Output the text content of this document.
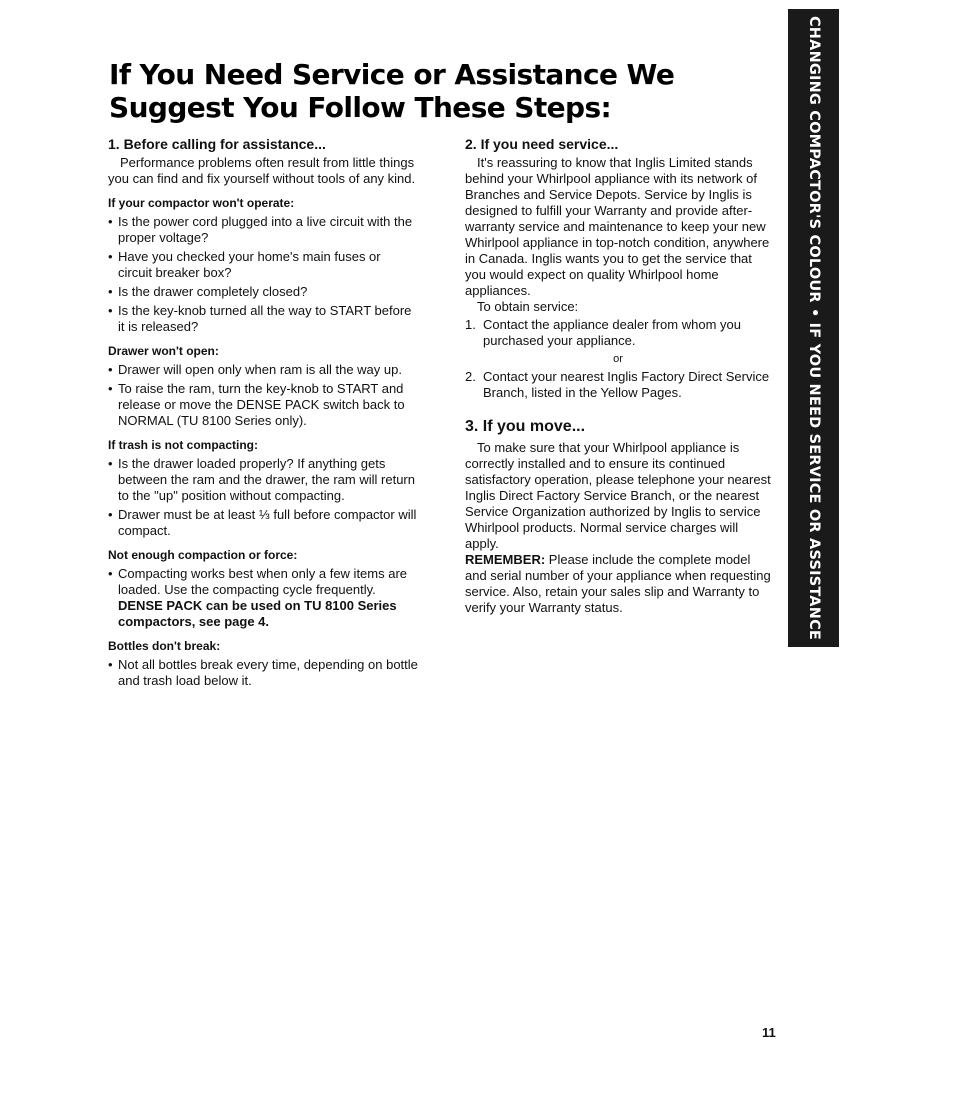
If You Need Service or Assistance We
Suggest You Follow These Steps:
1. Before calling for assistance...

Performance problems often result from little things you can find and fix yourself without tools of any kind.

If your compactor won't operate:
• Is the power cord plugged into a live circuit with the proper voltage?
• Have you checked your home's main fuses or circuit breaker box?
• Is the drawer completely closed?
• Is the key-knob turned all the way to START before it is released?
Drawer won't open:
• Drawer will open only when ram is all the way up.
• To raise the ram, turn the key-knob to START and release or move the DENSE PACK switch back to NORMAL (TU 8100 Series only).
If trash is not compacting:
• Is the drawer loaded properly? If anything gets between the ram and the drawer, the ram will return to the "up" position without compacting.
• Drawer must be at least ⅓ full before compactor will compact.
Not enough compaction or force:
• Compacting works best when only a few items are loaded. Use the compacting cycle frequently. DENSE PACK can be used on TU 8100 Series compactors, see page 4.
Bottles don't break:
• Not all bottles break every time, depending on bottle and trash load below it.
2. If you need service...

It's reassuring to know that Inglis Limited stands behind your Whirlpool appliance with its network of Branches and Service Depots. Service by Inglis is designed to fulfill your Warranty and provide after-warranty service and maintenance to keep your new Whirlpool appliance in top-notch condition, anywhere in Canada. Inglis wants you to get the service that you would expect on quality Whirlpool home appliances.

To obtain service:

1. Contact the appliance dealer from whom you purchased your appliance.
or
2. Contact your nearest Inglis Factory Direct Service Branch, listed in the Yellow Pages.
3. If you move...

To make sure that your Whirlpool appliance is correctly installed and to ensure its continued satisfactory operation, please telephone your nearest Inglis Direct Factory Service Branch, or the nearest Service Organization authorized by Inglis to service Whirlpool products. Normal service charges will apply.

REMEMBER: Please include the complete model and serial number of your appliance when requesting service. Also, retain your sales slip and Warranty to verify your Warranty status.	CHANGING COMPACTOR'S COLOUR • IF YOU NEED SERVICE OR ASSISTANCE
11
